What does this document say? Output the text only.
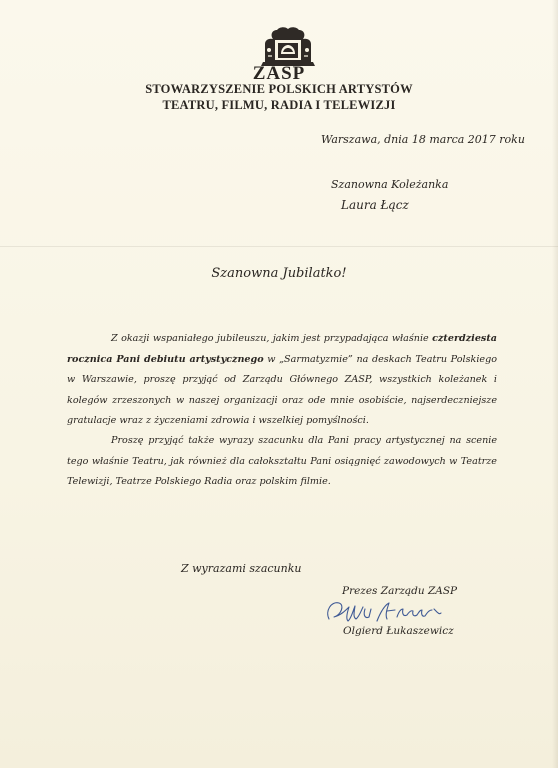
ZASP
STOWARZYSZENIE POLSKICH ARTYSTÓW
TEATRU, FILMU, RADIA I TELEWIZJI
Warszawa, dnia 18 marca 2017 roku
Szanowna Koleżanka
Laura Łącz
Szanowna Jubilatko!
Z okazji wspaniałego jubileuszu, jakim jest przypadająca właśnie czterdziesta rocznica Pani debiutu artystycznego w „Sarmatyzmie” na deskach Teatru Polskiego w Warszawie, proszę przyjąć od Zarządu Głównego ZASP, wszystkich koleżanek i kolegów zrzeszonych w naszej organizacji oraz ode mnie osobiście, najserdeczniejsze gratulacje wraz z życzeniami zdrowia i wszelkiej pomyślności.
Proszę przyjąć także wyrazy szacunku dla Pani pracy artystycznej na scenie tego właśnie Teatru, jak również dla całokształtu Pani osiągnięć zawodowych w Teatrze Telewizji, Teatrze Polskiego Radia oraz polskim filmie.
Z wyrazami szacunku
Prezes Zarządu ZASP
Olgierd Łukaszewicz
